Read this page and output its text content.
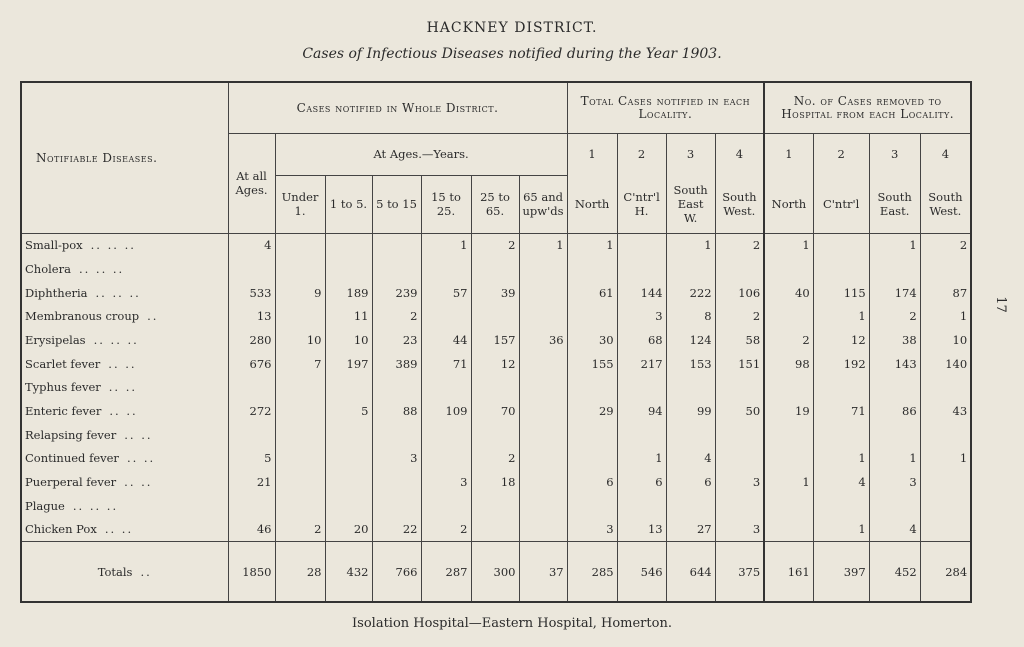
HACKNEY DISTRICT.
Cases of Infectious Diseases notified during the Year 1903.
17
Notifiable Diseases.	Cases notified in Whole District.							Total Cases notified in each Locality.				No. of Cases removed to Hospital from each Locality.			
	At all Ages.	At Ages.—Years.						1	2	3	4	1	2	3	4
		Under 1.	1 to 5.	5 to 15	15 to 25.	25 to 65.	65 and upw'ds	North	C'ntr'l H.	South East W.	South West.	North	C'ntr'l	South East.	South West.
Small-pox .. .. ..	4				1	2	1	1		1	2	1		1	2
Cholera .. .. ..															
Diphtheria .. .. ..	533	9	189	239	57	39		61	144	222	106	40	115	174	87
Membranous croup ..	13		11	2					3	8	2		1	2	1
Erysipelas .. .. ..	280	10	10	23	44	157	36	30	68	124	58	2	12	38	10
Scarlet fever .. ..	676	7	197	389	71	12		155	217	153	151	98	192	143	140
Typhus fever .. ..															
Enteric fever .. ..	272		5	88	109	70		29	94	99	50	19	71	86	43
Relapsing fever .. ..															
Continued fever .. ..	5			3		2			1	4			1	1	1
Puerperal fever .. ..	21				3	18		6	6	6	3	1	4	3	
Plague .. .. ..															
Chicken Pox .. ..	46	2	20	22	2			3	13	27	3		1	4	
Totals ..	1850	28	432	766	287	300	37	285	546	644	375	161	397	452	284
Isolation Hospital—Eastern Hospital, Homerton.
